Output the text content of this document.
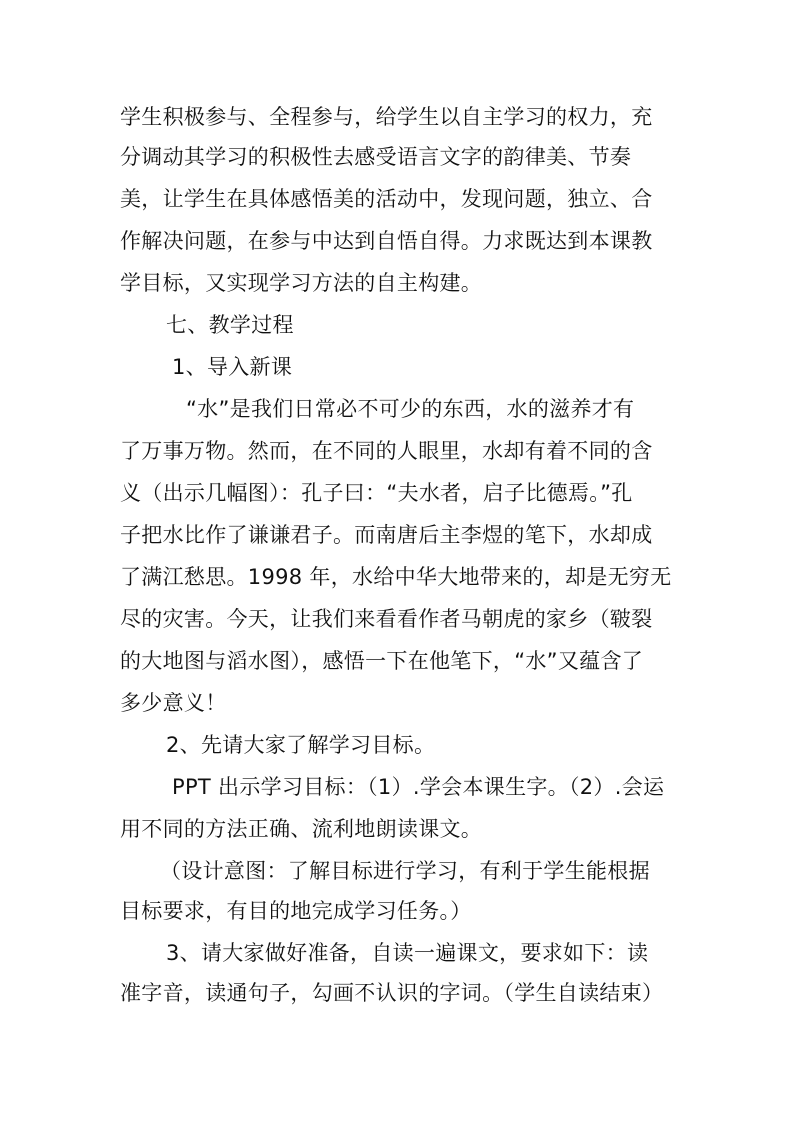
学生积极参与、全程参与，给学生以自主学习的权力，充
分调动其学习的积极性去感受语言文字的韵律美、节奏
美，让学生在具体感悟美的活动中，发现问题，独立、合
作解决问题，在参与中达到自悟自得。力求既达到本课教
学目标，又实现学习方法的自主构建。
七、教学过程
1、导入新课
“水”是我们日常必不可少的东西，水的滋养才有
了万事万物。然而，在不同的人眼里，水却有着不同的含
义（出示几幅图）：孔子曰：“夫水者，启子比德焉。”孔
子把水比作了谦谦君子。而南唐后主李煜的笔下，水却成
了满江愁思。1998 年，水给中华大地带来的，却是无穷无
尽的灾害。今天，让我们来看看作者马朝虎的家乡（皲裂
的大地图与滔水图），感悟一下在他笔下，“水”又蕴含了
多少意义！
2、先请大家了解学习目标。
PPT 出示学习目标：（1）.学会本课生字。（2）.会运
用不同的方法正确、流利地朗读课文。
（设计意图：了解目标进行学习，有利于学生能根据
目标要求，有目的地完成学习任务。）
3、请大家做好准备，自读一遍课文，要求如下：读
准字音，读通句子，勾画不认识的字词。（学生自读结束）
